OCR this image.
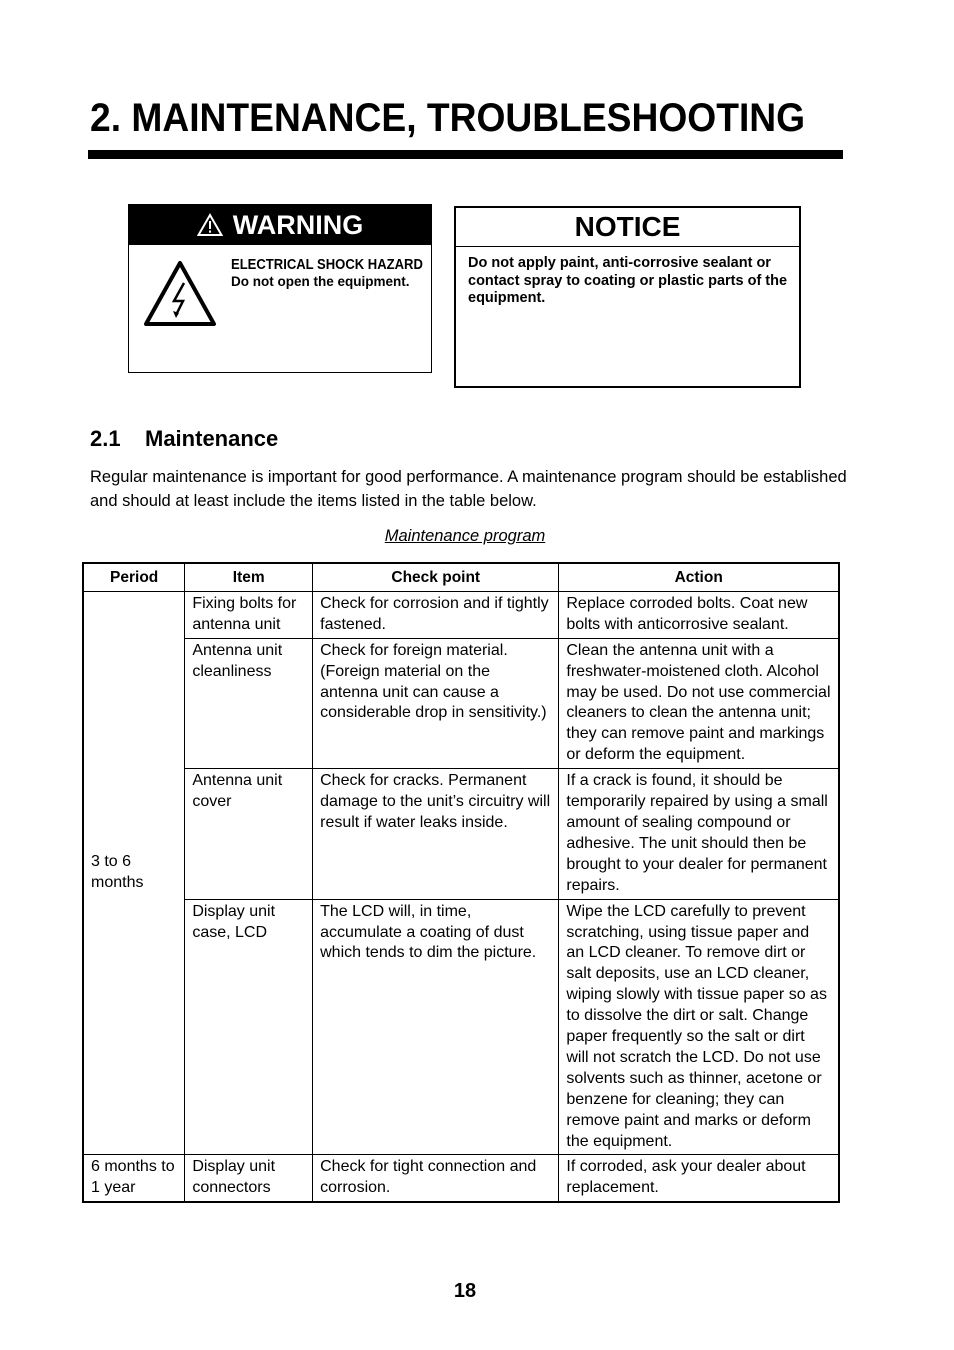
2. MAINTENANCE, TROUBLESHOOTING
WARNING
ELECTRICAL SHOCK HAZARD
Do not open the equipment.
NOTICE
Do not apply paint, anti-corrosive sealant or contact spray to coating or plastic parts of the equipment.
2.1 Maintenance

Regular maintenance is important for good performance. A maintenance program should be established and should at least include the items listed in the table below.

Maintenance program
Period	Item	Check point	Action
3 to 6 months	Fixing bolts for antenna unit	Check for corrosion and if tightly fastened.	Replace corroded bolts. Coat new bolts with anticorrosive sealant.
	Antenna unit cleanliness	Check for foreign material. (Foreign material on the antenna unit can cause a considerable drop in sensitivity.)	Clean the antenna unit with a freshwater-moistened cloth. Alcohol may be used. Do not use commercial cleaners to clean the antenna unit; they can remove paint and markings or deform the equipment.
	Antenna unit cover	Check for cracks. Permanent damage to the unit’s circuitry will result if water leaks inside.	If a crack is found, it should be temporarily repaired by using a small amount of sealing compound or adhesive. The unit should then be brought to your dealer for permanent repairs.
	Display unit case, LCD	The LCD will, in time, accumulate a coating of dust which tends to dim the picture.	Wipe the LCD carefully to prevent scratching, using tissue paper and an LCD cleaner. To remove dirt or salt deposits, use an LCD cleaner, wiping slowly with tissue paper so as to dissolve the dirt or salt. Change paper frequently so the salt or dirt will not scratch the LCD. Do not use solvents such as thinner, acetone or benzene for cleaning; they can remove paint and marks or deform the equipment.
6 months to 1 year	Display unit connectors	Check for tight connection and corrosion.	If corroded, ask your dealer about replacement.
18
